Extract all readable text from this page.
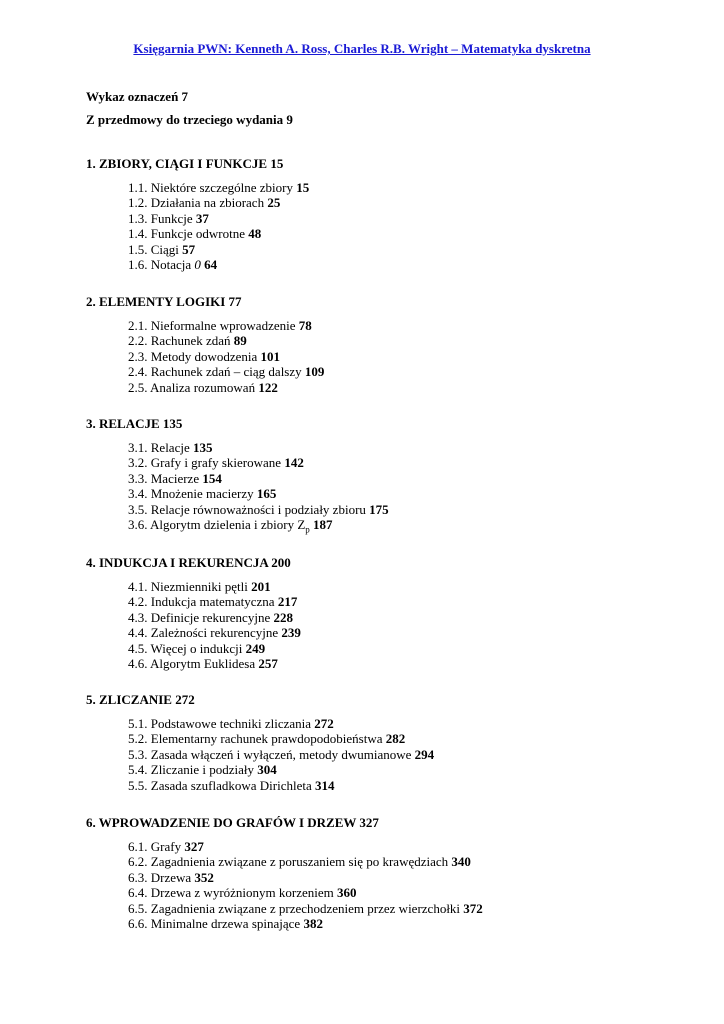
Księgarnia PWN: Kenneth A. Ross, Charles R.B. Wright – Matematyka dyskretna
Wykaz oznaczeń 7
Z przedmowy do trzeciego wydania 9
1. ZBIORY, CIĄGI I FUNKCJE 15
1.1. Niektóre szczególne zbiory 15
1.2. Działania na zbiorach 25
1.3. Funkcje 37
1.4. Funkcje odwrotne 48
1.5. Ciągi 57
1.6. Notacja 0 64
2. ELEMENTY LOGIKI 77
2.1. Nieformalne wprowadzenie 78
2.2. Rachunek zdań 89
2.3. Metody dowodzenia 101
2.4. Rachunek zdań – ciąg dalszy 109
2.5. Analiza rozumowań 122
3. RELACJE 135
3.1. Relacje 135
3.2. Grafy i grafy skierowane 142
3.3. Macierze 154
3.4. Mnożenie macierzy 165
3.5. Relacje równoważności i podziały zbioru 175
3.6. Algorytm dzielenia i zbiory $Z_p$ 187
4. INDUKCJA I REKURENCJA 200
4.1. Niezmienniki pętli 201
4.2. Indukcja matematyczna 217
4.3. Definicje rekurencyjne 228
4.4. Zależności rekurencyjne 239
4.5. Więcej o indukcji 249
4.6. Algorytm Euklidesa 257
5. ZLICZANIE 272
5.1. Podstawowe techniki zliczania 272
5.2. Elementarny rachunek prawdopodobieństwa 282
5.3. Zasada włączeń i wyłączeń, metody dwumianowe 294
5.4. Zliczanie i podziały 304
5.5. Zasada szufladkowa Dirichleta 314
6. WPROWADZENIE DO GRAFÓW I DRZEW 327
6.1. Grafy 327
6.2. Zagadnienia związane z poruszaniem się po krawędziach 340
6.3. Drzewa 352
6.4. Drzewa z wyróżnionym korzeniem 360
6.5. Zagadnienia związane z przechodzeniem przez wierzchołki 372
6.6. Minimalne drzewa spinające 382
